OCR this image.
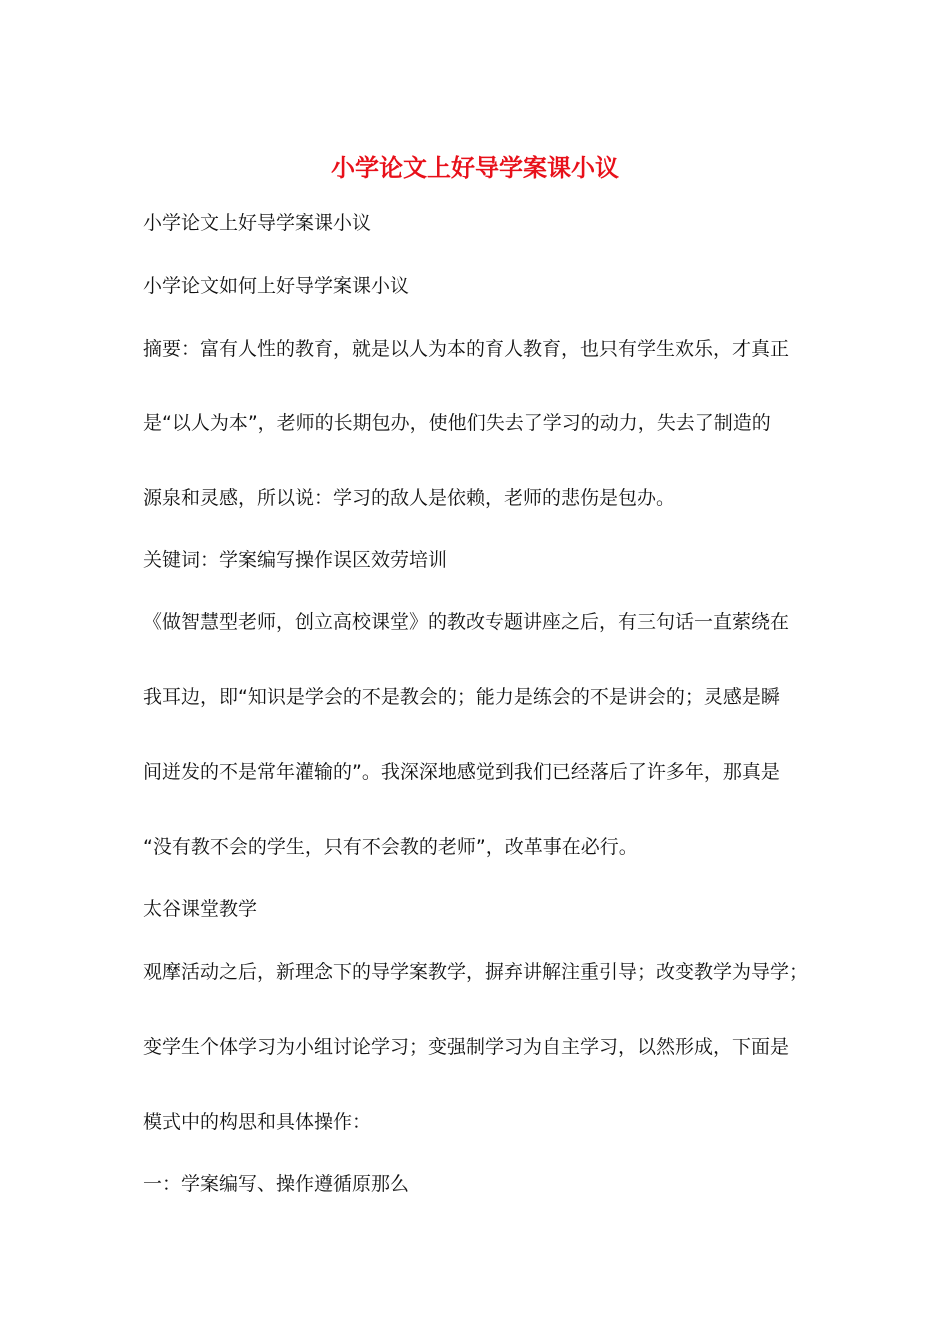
小学论文上好导学案课小议
小学论文上好导学案课小议
小学论文如何上好导学案课小议
摘要：富有人性的教育，就是以人为本的育人教育，也只有学生欢乐，才真正
是“以人为本”，老师的长期包办，使他们失去了学习的动力，失去了制造的
源泉和灵感，所以说：学习的敌人是依赖，老师的悲伤是包办。
关键词：学案编写操作误区效劳培训
《做智慧型老师，创立高校课堂》的教改专题讲座之后，有三句话一直萦绕在
我耳边，即“知识是学会的不是教会的；能力是练会的不是讲会的；灵感是瞬
间迸发的不是常年灌输的”。我深深地感觉到我们已经落后了许多年，那真是
“没有教不会的学生，只有不会教的老师”，改革事在必行。
太谷课堂教学
观摩活动之后，新理念下的导学案教学，摒弃讲解注重引导；改变教学为导学；
变学生个体学习为小组讨论学习；变强制学习为自主学习，以然形成，下面是
模式中的构思和具体操作：
一：学案编写、操作遵循原那么
